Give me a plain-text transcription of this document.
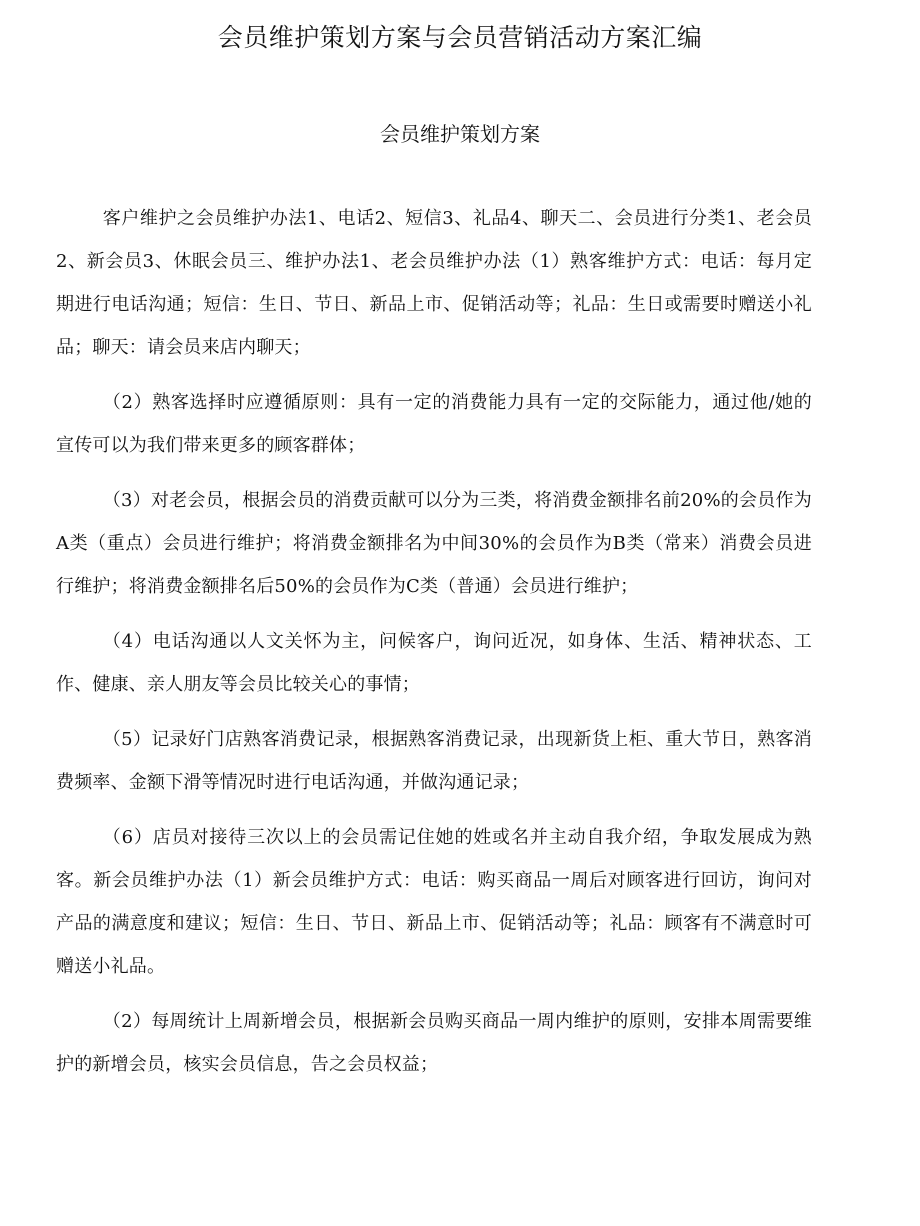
会员维护策划方案与会员营销活动方案汇编
会员维护策划方案

客户维护之会员维护办法1、电话2、短信3、礼品4、聊天二、会员进行分类1、老会员2、新会员3、休眠会员三、维护办法1、老会员维护办法（1）熟客维护方式：电话：每月定期进行电话沟通；短信：生日、节日、新品上市、促销活动等；礼品：生日或需要时赠送小礼品；聊天：请会员来店内聊天；

（2）熟客选择时应遵循原则：具有一定的消费能力具有一定的交际能力，通过他/她的宣传可以为我们带来更多的顾客群体；

（3）对老会员，根据会员的消费贡献可以分为三类，将消费金额排名前20%的会员作为A类（重点）会员进行维护；将消费金额排名为中间30%的会员作为B类（常来）消费会员进行维护；将消费金额排名后50%的会员作为C类（普通）会员进行维护；

（4）电话沟通以人文关怀为主，问候客户，询问近况，如身体、生活、精神状态、工作、健康、亲人朋友等会员比较关心的事情；

（5）记录好门店熟客消费记录，根据熟客消费记录，出现新货上柜、重大节日，熟客消费频率、金额下滑等情况时进行电话沟通，并做沟通记录；

（6）店员对接待三次以上的会员需记住她的姓或名并主动自我介绍，争取发展成为熟客。新会员维护办法（1）新会员维护方式：电话：购买商品一周后对顾客进行回访，询问对产品的满意度和建议；短信：生日、节日、新品上市、促销活动等；礼品：顾客有不满意时可赠送小礼品。

（2）每周统计上周新增会员，根据新会员购买商品一周内维护的原则，安排本周需要维护的新增会员，核实会员信息，告之会员权益；
